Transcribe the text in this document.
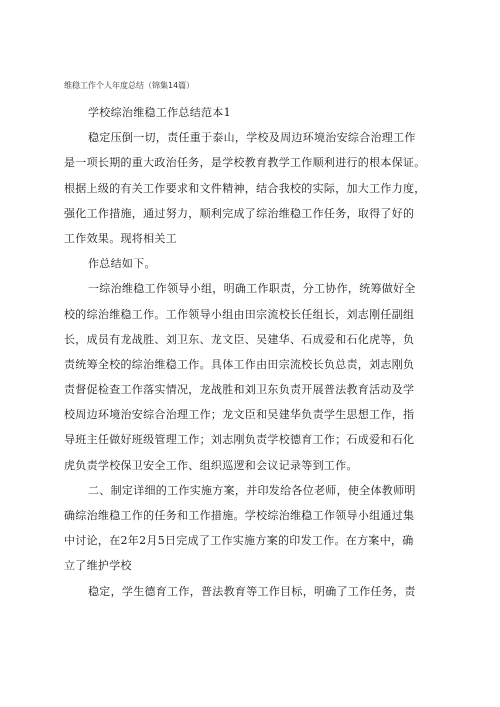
维稳工作个人年度总结（锦集14篇）
学校综治维稳工作总结范本1
稳定压倒一切，责任重于泰山，学校及周边环境治安综合治理工作
是一项长期的重大政治任务，是学校教育教学工作顺利进行的根本保证。
根据上级的有关工作要求和文件精神，结合我校的实际，加大工作力度，
强化工作措施，通过努力，顺利完成了综治维稳工作任务，取得了好的
工作效果。现将相关工
作总结如下。
一综治维稳工作领导小组，明确工作职责，分工协作，统筹做好全
校的综治维稳工作。工作领导小组由田宗流校长任组长，刘志刚任副组
长，成员有龙战胜、刘卫东、龙文臣、吴建华、石成爱和石化虎等，负
责统筹全校的综治维稳工作。具体工作由田宗流校长负总责，刘志刚负
责督促检查工作落实情况，龙战胜和刘卫东负责开展普法教育活动及学
校周边环境治安综合治理工作；龙文臣和吴建华负责学生思想工作，指
导班主任做好班级管理工作；刘志刚负责学校德育工作；石成爱和石化
虎负责学校保卫安全工作、组织巡逻和会议记录等到工作。
二、制定详细的工作实施方案，并印发给各位老师，使全体教师明
确综治维稳工作的任务和工作措施。学校综治维稳工作领导小组通过集
中讨论，在2年2月5日完成了工作实施方案的印发工作。在方案中，确
立了维护学校
稳定，学生德育工作，普法教育等工作目标，明确了工作任务，责
